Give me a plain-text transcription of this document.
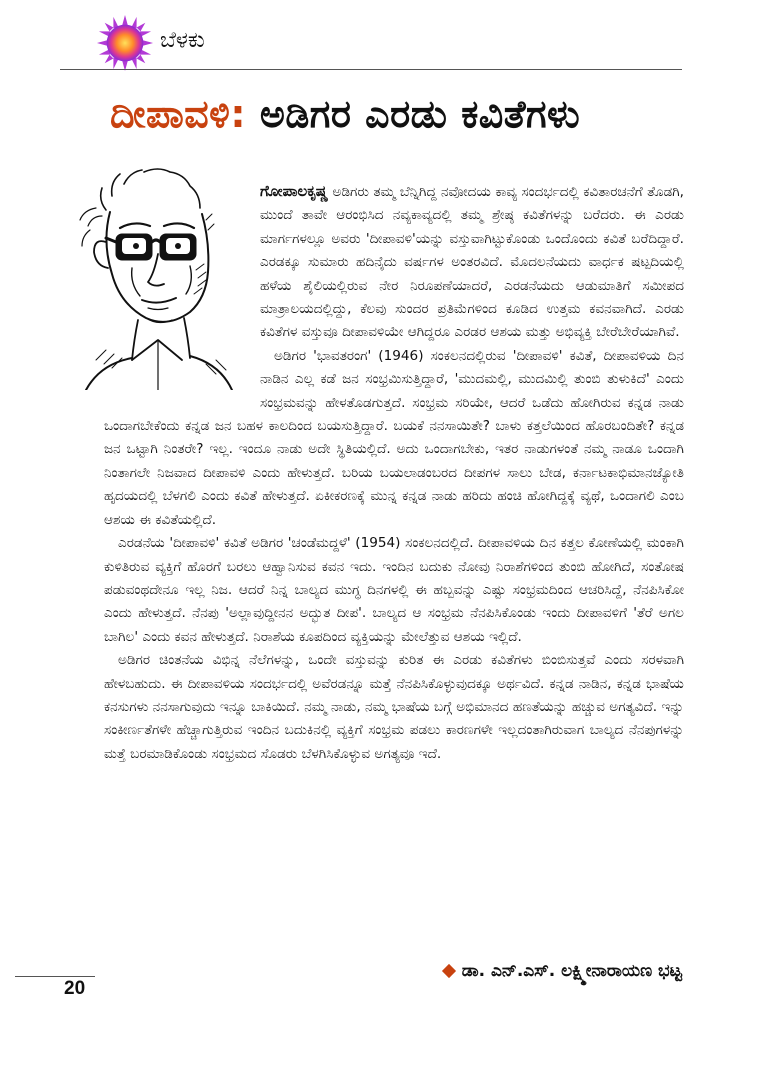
ಬೆಳಕು
ದೀಪಾವಳಿ: ಅಡಿಗರ ಎರಡು ಕವಿತೆಗಳು

ಗೋಪಾಲಕೃಷ್ಣ ಅಡಿಗರು ತಮ್ಮ ಬೆನ್ನಿಗಿದ್ದ ನವೋದಯ ಕಾವ್ಯ ಸಂದರ್ಭದಲ್ಲಿ ಕವಿತಾರಚನೆಗೆ ತೊಡಗಿ, ಮುಂದೆ ತಾವೇ ಆರಂಭಿಸಿದ ನವ್ಯಕಾವ್ಯದಲ್ಲಿ ತಮ್ಮ ಶ್ರೇಷ್ಠ ಕವಿತೆಗಳನ್ನು ಬರೆದರು. ಈ ಎರಡು ಮಾರ್ಗಗಳಲ್ಲೂ ಅವರು 'ದೀಪಾವಳಿ'ಯನ್ನು ವಸ್ತುವಾಗಿಟ್ಟುಕೊಂಡು ಒಂದೊಂದು ಕವಿತೆ ಬರೆದಿದ್ದಾರೆ. ಎರಡಕ್ಕೂ ಸುಮಾರು ಹದಿನೈದು ವರ್ಷಗಳ ಅಂತರವಿದೆ. ಮೊದಲನೆಯದು ವಾರ್ಧಕ ಷಟ್ಪದಿಯಲ್ಲಿ ಹಳೆಯ ಶೈಲಿಯಲ್ಲಿರುವ ನೇರ ನಿರೂಪಣೆಯಾದರೆ, ಎರಡನೆಯದು ಆಡುಮಾತಿಗೆ ಸಮೀಪದ ಮಾತ್ರಾಲಯದಲ್ಲಿದ್ದು, ಕೆಲವು ಸುಂದರ ಪ್ರತಿಮೆಗಳಿಂದ ಕೂಡಿದ ಉತ್ತಮ ಕವನವಾಗಿದೆ. ಎರಡು ಕವಿತೆಗಳ ವಸ್ತುವೂ ದೀಪಾವಳಿಯೇ ಆಗಿದ್ದರೂ ಎರಡರ ಆಶಯ ಮತ್ತು ಅಭಿವ್ಯಕ್ತಿ ಬೇರೆಬೇರೆಯಾಗಿವೆ.

ಅಡಿಗರ 'ಭಾವತರಂಗ' (1946) ಸಂಕಲನದಲ್ಲಿರುವ 'ದೀಪಾವಳಿ' ಕವಿತೆ, ದೀಪಾವಳಿಯ ದಿನ ನಾಡಿನ ಎಲ್ಲ ಕಡೆ ಜನ ಸಂಭ್ರಮಿಸುತ್ತಿದ್ದಾರೆ, 'ಮುದಮಲ್ಲಿ, ಮುದಮಿಲ್ಲಿ ತುಂಬಿ ತುಳುಕಿದೆ' ಎಂದು ಸಂಭ್ರಮವನ್ನು ಹೇಳತೊಡಗುತ್ತದೆ. ಸಂಭ್ರಮ ಸರಿಯೇ, ಆದರೆ ಒಡೆದು ಹೋಗಿರುವ ಕನ್ನಡ ನಾಡು ಒಂದಾಗಬೇಕೆಂದು ಕನ್ನಡ ಜನ ಬಹಳ ಕಾಲದಿಂದ ಬಯಸುತ್ತಿದ್ದಾರೆ. ಬಯಕೆ ನನಸಾಯಿತೇ? ಬಾಳು ಕತ್ತಲೆಯಿಂದ ಹೊರಬಂದಿತೇ? ಕನ್ನಡ ಜನ ಒಟ್ಟಾಗಿ ನಿಂತರೇ? ಇಲ್ಲ. ಇಂದೂ ನಾಡು ಅದೇ ಸ್ಥಿತಿಯಲ್ಲಿದೆ. ಅದು ಒಂದಾಗಬೇಕು, ಇತರ ನಾಡುಗಳಂತೆ ನಮ್ಮ ನಾಡೂ ಒಂದಾಗಿ ನಿಂತಾಗಲೇ ನಿಜವಾದ ದೀಪಾವಳಿ ಎಂದು ಹೇಳುತ್ತದೆ. ಬರಿಯ ಬಯಲಾಡಂಬರದ ದೀಪಗಳ ಸಾಲು ಬೇಡ, ಕರ್ನಾಟಕಾಭಿಮಾನಜ್ಯೋತಿ ಹೃದಯದಲ್ಲಿ ಬೆಳಗಲಿ ಎಂದು ಕವಿತೆ ಹೇಳುತ್ತದೆ. ಏಕೀಕರಣಕ್ಕೆ ಮುನ್ನ ಕನ್ನಡ ನಾಡು ಹರಿದು ಹಂಚಿ ಹೋಗಿದ್ದಕ್ಕೆ ವ್ಯಥೆ, ಒಂದಾಗಲಿ ಎಂಬ ಆಶಯ ಈ ಕವಿತೆಯಲ್ಲಿದೆ.

ಎರಡನೆಯ 'ದೀಪಾವಳಿ' ಕವಿತೆ ಅಡಿಗರ 'ಚಂಡೆಮದ್ದಳೆ' (1954) ಸಂಕಲನದಲ್ಲಿದೆ. ದೀಪಾವಳಿಯ ದಿನ ಕತ್ತಲ ಕೋಣೆಯಲ್ಲಿ ಮಂಕಾಗಿ ಕುಳಿತಿರುವ ವ್ಯಕ್ತಿಗೆ ಹೊರಗೆ ಬರಲು ಆಹ್ವಾನಿಸುವ ಕವನ ಇದು. ಇಂದಿನ ಬದುಕು ನೋವು ನಿರಾಶೆಗಳಿಂದ ತುಂಬಿ ಹೋಗಿದೆ, ಸಂತೋಷ ಪಡುವಂಥದೇನೂ ಇಲ್ಲ ನಿಜ. ಆದರೆ ನಿನ್ನ ಬಾಲ್ಯದ ಮುಗ್ಧ ದಿನಗಳಲ್ಲಿ ಈ ಹಬ್ಬವನ್ನು ಎಷ್ಟು ಸಂಭ್ರಮದಿಂದ ಆಚರಿಸಿದ್ದೆ, ನೆನಪಿಸಿಕೋ ಎಂದು ಹೇಳುತ್ತದೆ. ನೆನಪು 'ಅಲ್ಲಾವುದ್ದೀನನ ಅದ್ಭುತ ದೀಪ'. ಬಾಲ್ಯದ ಆ ಸಂಭ್ರಮ ನೆನಪಿಸಿಕೊಂಡು ಇಂದು ದೀಪಾವಳಿಗೆ 'ತೆರೆ ಅಗಲ ಬಾಗಿಲ' ಎಂದು ಕವನ ಹೇಳುತ್ತದೆ. ನಿರಾಶೆಯ ಕೂಪದಿಂದ ವ್ಯಕ್ತಿಯನ್ನು ಮೇಲೆತ್ತುವ ಆಶಯ ಇಲ್ಲಿದೆ.

ಅಡಿಗರ ಚಿಂತನೆಯ ವಿಭಿನ್ನ ನೆಲೆಗಳನ್ನು, ಒಂದೇ ವಸ್ತುವನ್ನು ಕುರಿತ ಈ ಎರಡು ಕವಿತೆಗಳು ಬಿಂಬಿಸುತ್ತವೆ ಎಂದು ಸರಳವಾಗಿ ಹೇಳಬಹುದು. ಈ ದೀಪಾವಳಿಯ ಸಂದರ್ಭದಲ್ಲಿ ಅವೆರಡನ್ನೂ ಮತ್ತೆ ನೆನಪಿಸಿಕೊಳ್ಳುವುದಕ್ಕೂ ಅರ್ಥವಿದೆ. ಕನ್ನಡ ನಾಡಿನ, ಕನ್ನಡ ಭಾಷೆಯ ಕನಸುಗಳು ನನಸಾಗುವುದು ಇನ್ನೂ ಬಾಕಿಯಿದೆ. ನಮ್ಮ ನಾಡು, ನಮ್ಮ ಭಾಷೆಯ ಬಗ್ಗೆ ಅಭಿಮಾನದ ಹಣತೆಯನ್ನು ಹಚ್ಚುವ ಅಗತ್ಯವಿದೆ. ಇನ್ನು ಸಂಕೀರ್ಣತೆಗಳೇ ಹೆಚ್ಚಾಗುತ್ತಿರುವ ಇಂದಿನ ಬದುಕಿನಲ್ಲಿ ವ್ಯಕ್ತಿಗೆ ಸಂಭ್ರಮ ಪಡಲು ಕಾರಣಗಳೇ ಇಲ್ಲದಂತಾಗಿರುವಾಗ ಬಾಲ್ಯದ ನೆನಪುಗಳನ್ನು ಮತ್ತೆ ಬರಮಾಡಿಕೊಂಡು ಸಂಭ್ರಮದ ಸೊಡರು ಬೆಳಗಿಸಿಕೊಳ್ಳುವ ಅಗತ್ಯವೂ ಇದೆ.

ಡಾ. ಎನ್.ಎಸ್. ಲಕ್ಷ್ಮೀನಾರಾಯಣ ಭಟ್ಟ
20
